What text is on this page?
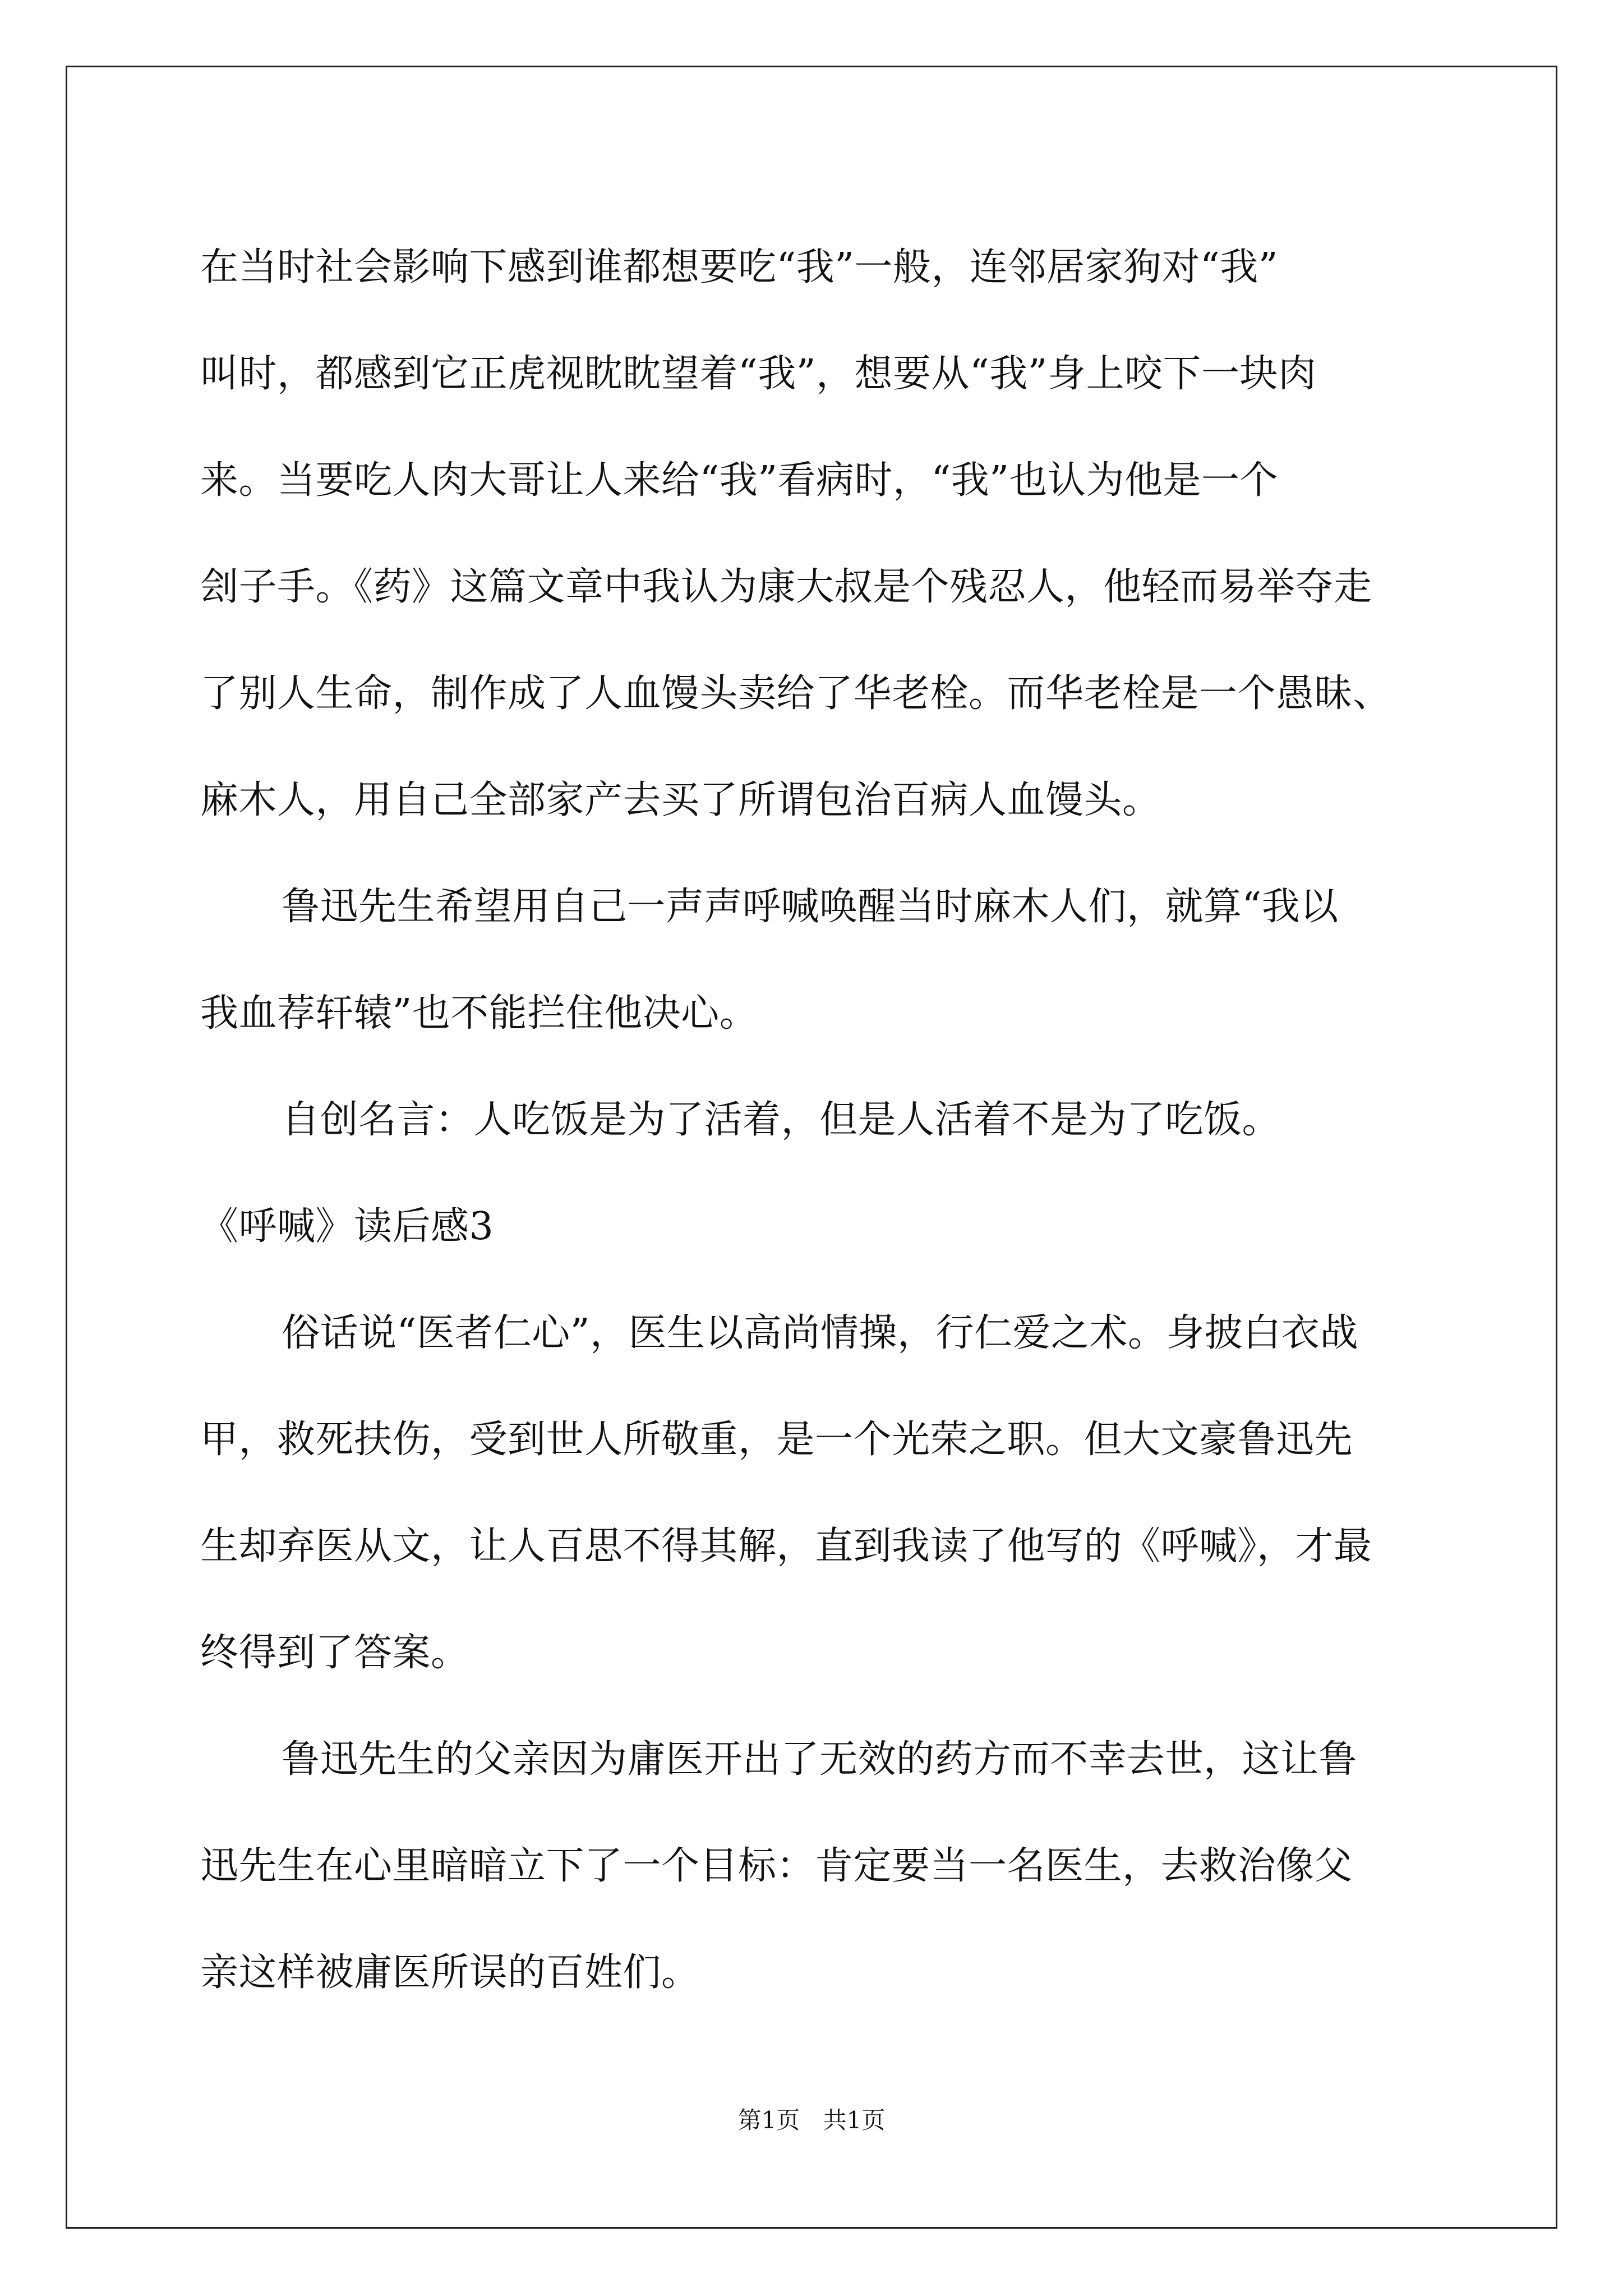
在当时社会影响下感到谁都想要吃“我”一般，连邻居家狗对“我”
叫时，都感到它正虎视眈眈望着“我”，想要从“我”身上咬下一块肉
来。当要吃人肉大哥让人来给“我”看病时，“我”也认为他是一个
刽子手。《药》这篇文章中我认为康大叔是个残忍人，他轻而易举夺走
了别人生命，制作成了人血馒头卖给了华老栓。而华老栓是一个愚昧、
麻木人，用自己全部家产去买了所谓包治百病人血馒头。
鲁迅先生希望用自己一声声呼喊唤醒当时麻木人们，就算“我以
我血荐轩辕”也不能拦住他决心。
自创名言：人吃饭是为了活着，但是人活着不是为了吃饭。
《呼喊》读后感3
俗话说“医者仁心”，医生以高尚情操，行仁爱之术。身披白衣战
甲，救死扶伤，受到世人所敬重，是一个光荣之职。但大文豪鲁迅先
生却弃医从文，让人百思不得其解，直到我读了他写的《呼喊》，才最
终得到了答案。
鲁迅先生的父亲因为庸医开出了无效的药方而不幸去世，这让鲁
迅先生在心里暗暗立下了一个目标：肯定要当一名医生，去救治像父
亲这样被庸医所误的百姓们。
第1页 共1页
